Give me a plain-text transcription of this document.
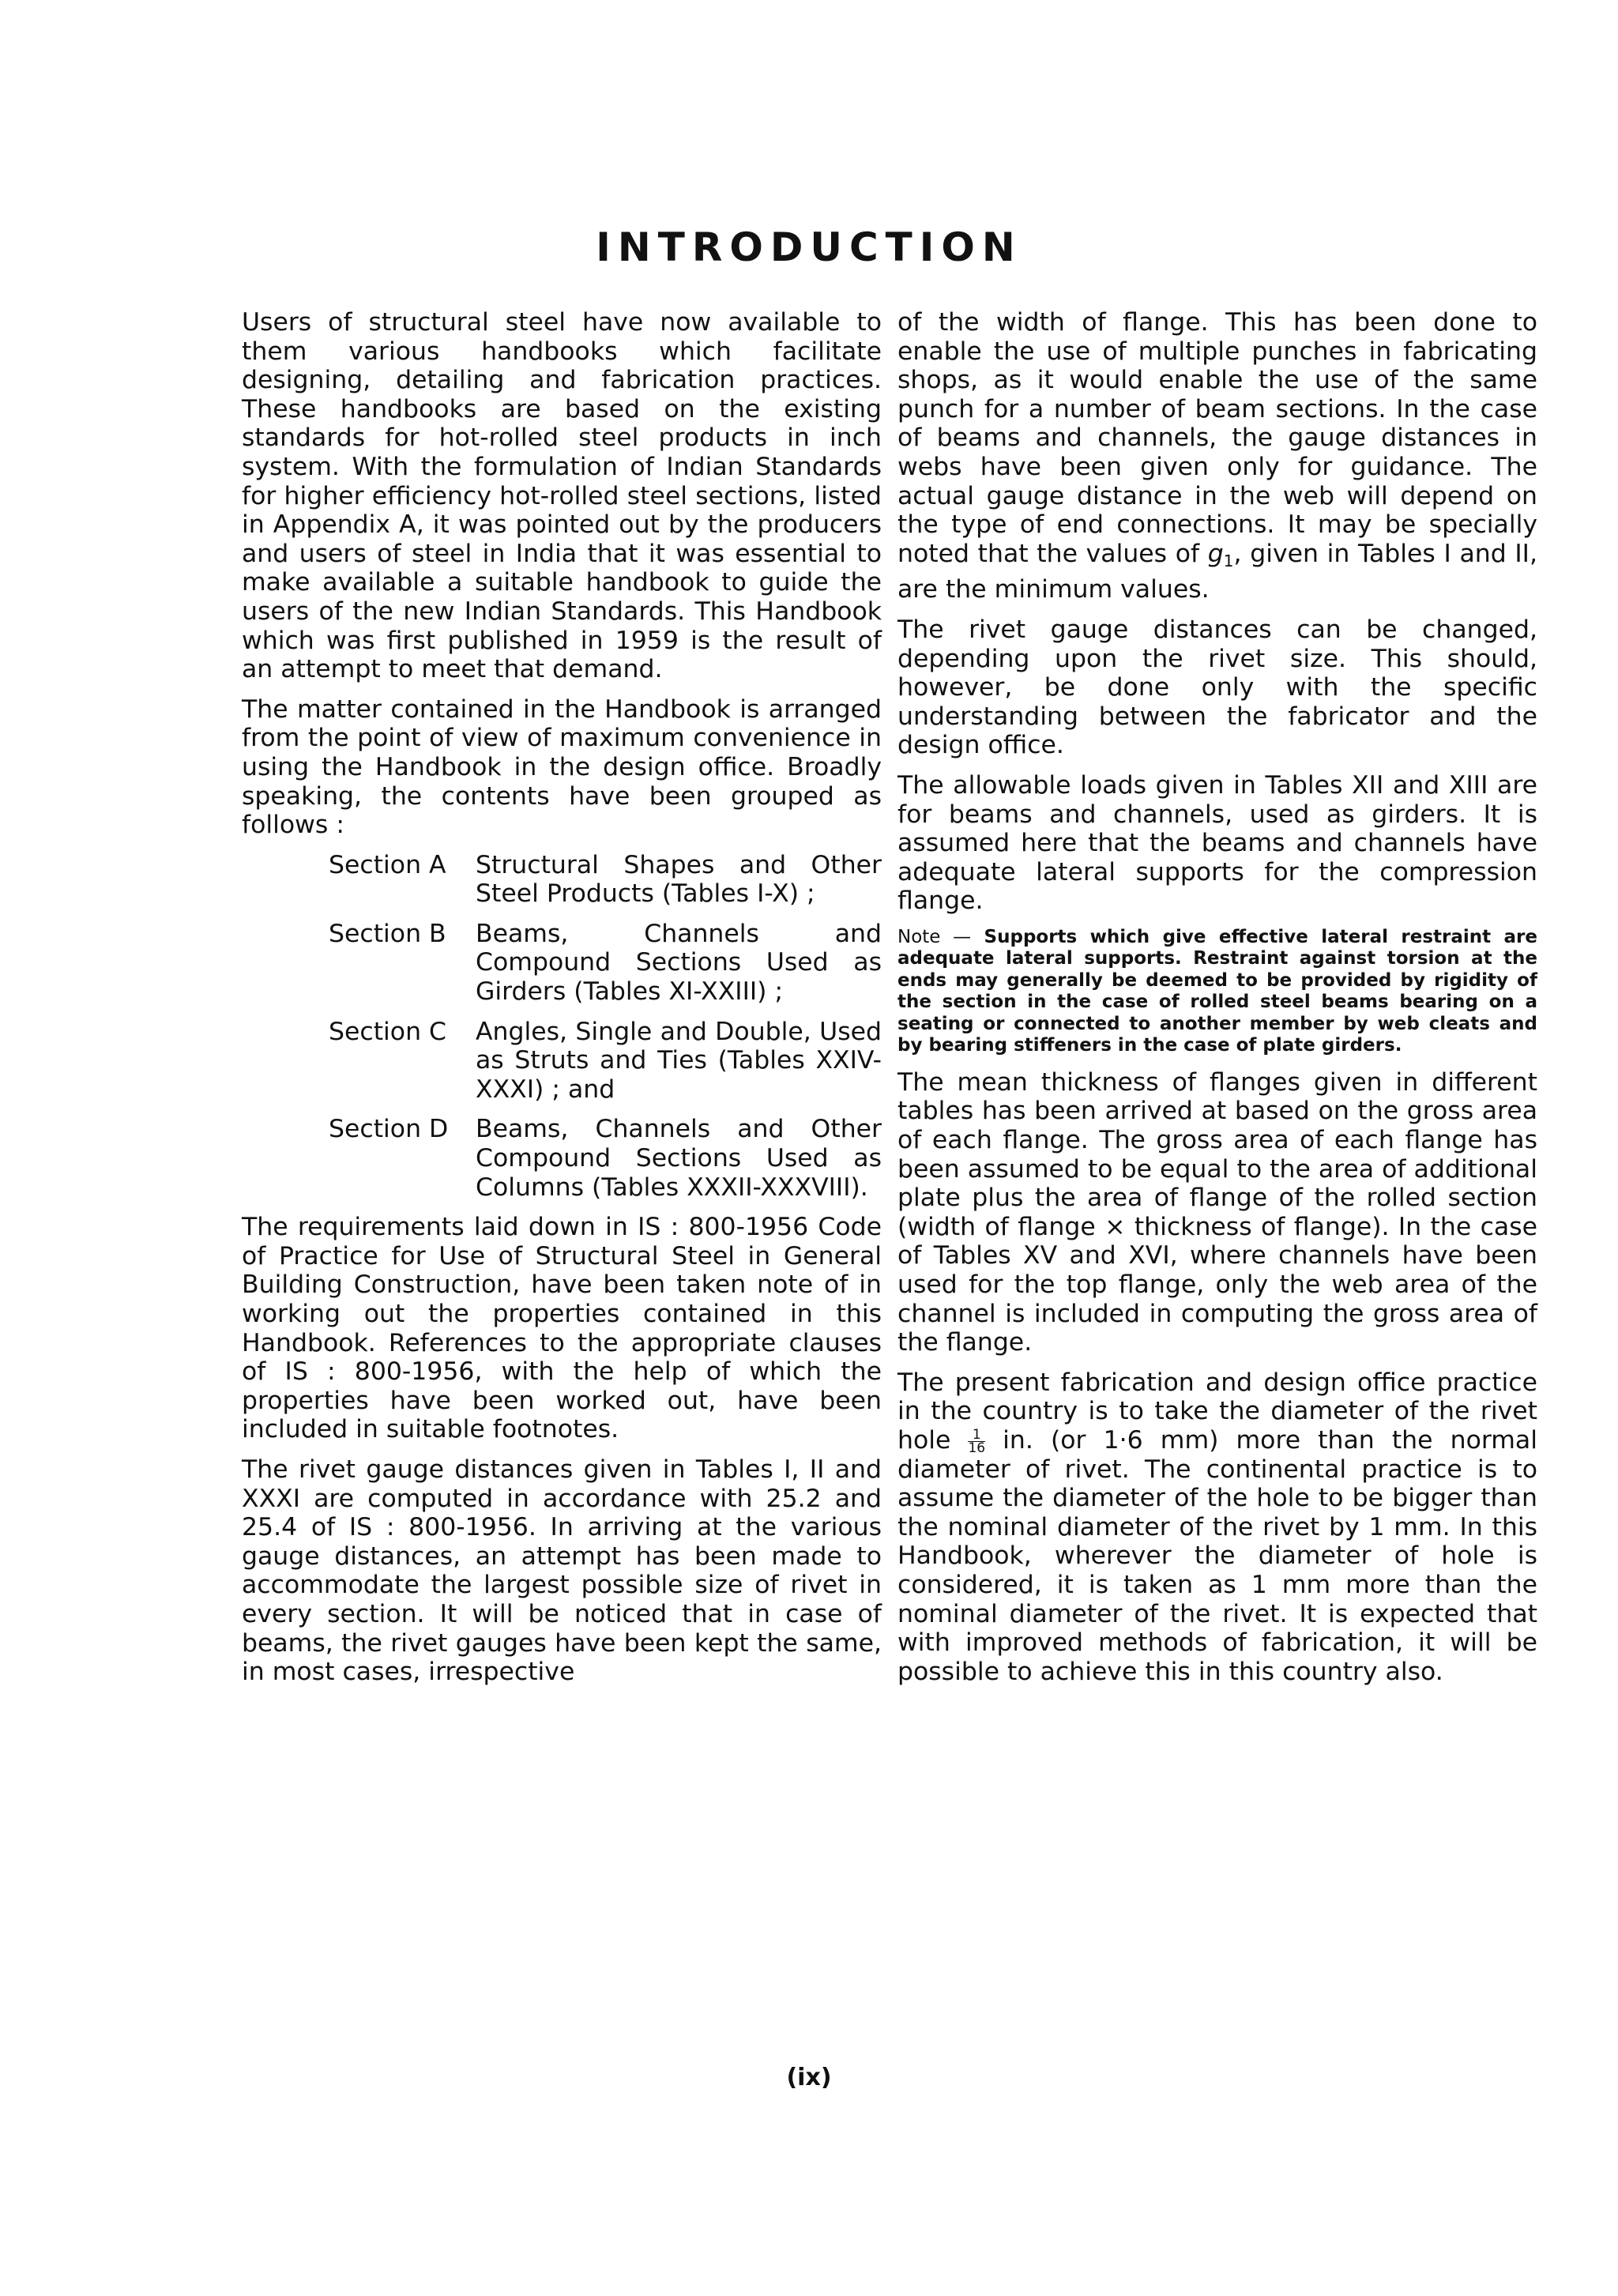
INTRODUCTION

Users of structural steel have now available to them various handbooks which facilitate designing, detailing and fabrication practices. These handbooks are based on the existing standards for hot-rolled steel products in inch system. With the formulation of Indian Standards for higher efficiency hot-rolled steel sections, listed in Appendix A, it was pointed out by the producers and users of steel in India that it was essential to make available a suitable handbook to guide the users of the new Indian Standards. This Handbook which was first published in 1959 is the result of an attempt to meet that demand.

The matter contained in the Handbook is arranged from the point of view of maximum convenience in using the Handbook in the design office. Broadly speaking, the contents have been grouped as follows :

Section A	Structural Shapes and Other Steel Products (Tables I-X) ;
Section B	Beams, Channels and Compound Sections Used as Girders (Tables XI-XXIII) ;
Section C	Angles, Single and Double, Used as Struts and Ties (Tables XXIV-XXXI) ; and
Section D	Beams, Channels and Other Compound Sections Used as Columns (Tables XXXII-XXXVIII).

The requirements laid down in IS : 800-1956 Code of Practice for Use of Structural Steel in General Building Construction, have been taken note of in working out the properties contained in this Handbook. References to the appropriate clauses of IS : 800-1956, with the help of which the properties have been worked out, have been included in suitable footnotes.

The rivet gauge distances given in Tables I, II and XXXI are computed in accordance with 25.2 and 25.4 of IS : 800-1956. In arriving at the various gauge distances, an attempt has been made to accommodate the largest possible size of rivet in every section. It will be noticed that in case of beams, the rivet gauges have been kept the same, in most cases, irrespective

of the width of flange. This has been done to enable the use of multiple punches in fabricating shops, as it would enable the use of the same punch for a number of beam sections. In the case of beams and channels, the gauge distances in webs have been given only for guidance. The actual gauge distance in the web will depend on the type of end connections. It may be specially noted that the values of $g_1$, given in Tables I and II, are the minimum values.

The rivet gauge distances can be changed, depending upon the rivet size. This should, however, be done only with the specific understanding between the fabricator and the design office.

The allowable loads given in Tables XII and XIII are for beams and channels, used as girders. It is assumed here that the beams and channels have adequate lateral supports for the compression flange.

Note — Supports which give effective lateral restraint are adequate lateral supports. Restraint against torsion at the ends may generally be deemed to be provided by rigidity of the section in the case of rolled steel beams bearing on a seating or connected to another member by web cleats and by bearing stiffeners in the case of plate girders.

The mean thickness of flanges given in different tables has been arrived at based on the gross area of each flange. The gross area of each flange has been assumed to be equal to the area of additional plate plus the area of flange of the rolled section (width of flange × thickness of flange). In the case of Tables XV and XVI, where channels have been used for the top flange, only the web area of the channel is included in computing the gross area of the flange.

The present fabrication and design office practice in the country is to take the diameter of the rivet hole $\frac{1}{16}$ in. (or 1·6 mm) more than the normal diameter of rivet. The continental practice is to assume the diameter of the hole to be bigger than the nominal diameter of the rivet by 1 mm. In this Handbook, wherever the diameter of hole is considered, it is taken as 1 mm more than the nominal diameter of the rivet. It is expected that with improved methods of fabrication, it will be possible to achieve this in this country also.

(ix)
